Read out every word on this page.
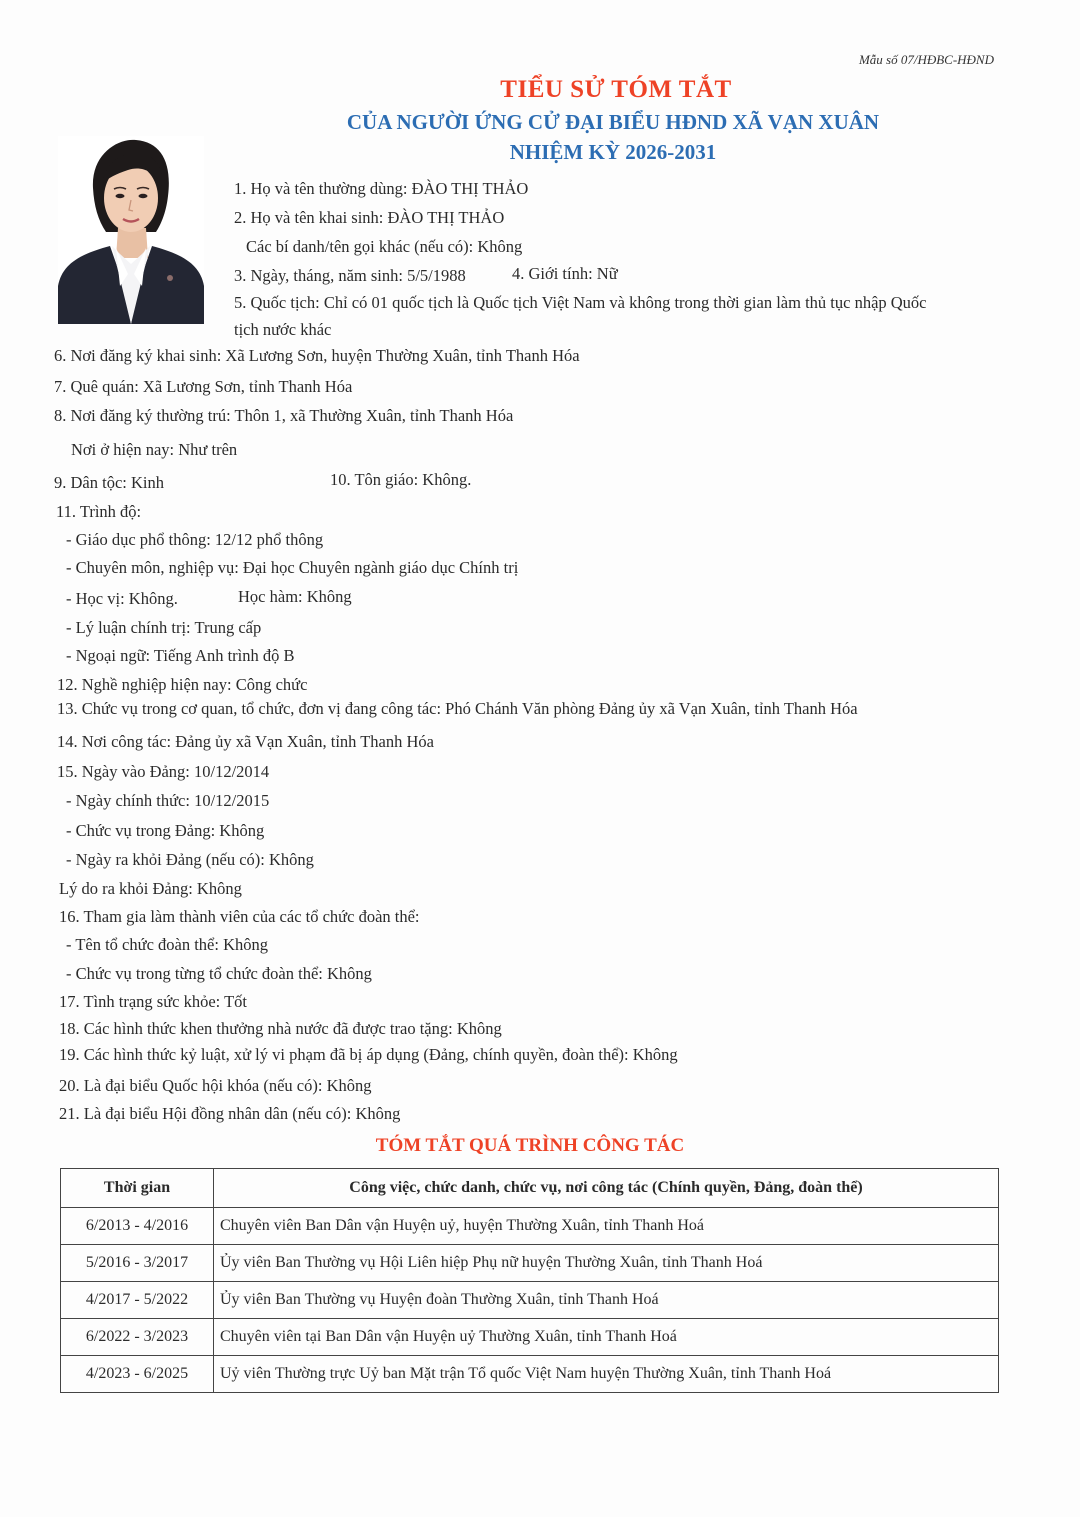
Mẫu số 07/HĐBC-HĐND
TIỂU SỬ TÓM TẮT
CỦA NGƯỜI ỨNG CỬ ĐẠI BIỂU HĐND XÃ VẠN XUÂN
NHIỆM KỲ 2026-2031
1. Họ và tên thường dùng: ĐÀO THỊ THẢO
2. Họ và tên khai sinh: ĐÀO THỊ THẢO
Các bí danh/tên gọi khác (nếu có): Không
3. Ngày, tháng, năm sinh: 5/5/1988	4. Giới tính: Nữ
5. Quốc tịch: Chỉ có 01 quốc tịch là Quốc tịch Việt Nam và không trong thời gian làm thủ tục nhập Quốc
tịch nước khác
6. Nơi đăng ký khai sinh: Xã Lương Sơn, huyện Thường Xuân, tỉnh Thanh Hóa
7. Quê quán: Xã Lương Sơn, tỉnh Thanh Hóa
8. Nơi đăng ký thường trú: Thôn 1, xã Thường Xuân, tỉnh Thanh Hóa
Nơi ở hiện nay: Như trên
9. Dân tộc: Kinh	10. Tôn giáo: Không.
11. Trình độ:
- Giáo dục phổ thông: 12/12 phổ thông
- Chuyên môn, nghiệp vụ: Đại học Chuyên ngành giáo dục Chính trị
- Học vị: Không.	Học hàm: Không
- Lý luận chính trị: Trung cấp
- Ngoại ngữ: Tiếng Anh trình độ B
12. Nghề nghiệp hiện nay: Công chức
13. Chức vụ trong cơ quan, tổ chức, đơn vị đang công tác: Phó Chánh Văn phòng Đảng ủy xã Vạn Xuân, tỉnh Thanh Hóa
14. Nơi công tác: Đảng ủy xã Vạn Xuân, tỉnh Thanh Hóa
15. Ngày vào Đảng: 10/12/2014
- Ngày chính thức: 10/12/2015
- Chức vụ trong Đảng: Không
- Ngày ra khỏi Đảng (nếu có): Không
Lý do ra khỏi Đảng: Không
16. Tham gia làm thành viên của các tổ chức đoàn thể:
- Tên tổ chức đoàn thể: Không
- Chức vụ trong từng tổ chức đoàn thể: Không
17. Tình trạng sức khỏe: Tốt
18. Các hình thức khen thưởng nhà nước đã được trao tặng: Không
19. Các hình thức kỷ luật, xử lý vi phạm đã bị áp dụng (Đảng, chính quyền, đoàn thể): Không
20. Là đại biểu Quốc hội khóa (nếu có): Không
21. Là đại biểu Hội đồng nhân dân (nếu có): Không
TÓM TẮT QUÁ TRÌNH CÔNG TÁC
Thời gian	Công việc, chức danh, chức vụ, nơi công tác (Chính quyền, Đảng, đoàn thể)
6/2013 - 4/2016	Chuyên viên Ban Dân vận Huyện uỷ, huyện Thường Xuân, tỉnh Thanh Hoá
5/2016 - 3/2017	Ủy viên Ban Thường vụ Hội Liên hiệp Phụ nữ huyện Thường Xuân, tỉnh Thanh Hoá
4/2017 - 5/2022	Ủy viên Ban Thường vụ Huyện đoàn Thường Xuân, tỉnh Thanh Hoá
6/2022 - 3/2023	Chuyên viên tại Ban Dân vận Huyện uỷ Thường Xuân, tỉnh Thanh Hoá
4/2023 - 6/2025	Uỷ viên Thường trực Uỷ ban Mặt trận Tổ quốc Việt Nam huyện Thường Xuân, tỉnh Thanh Hoá
